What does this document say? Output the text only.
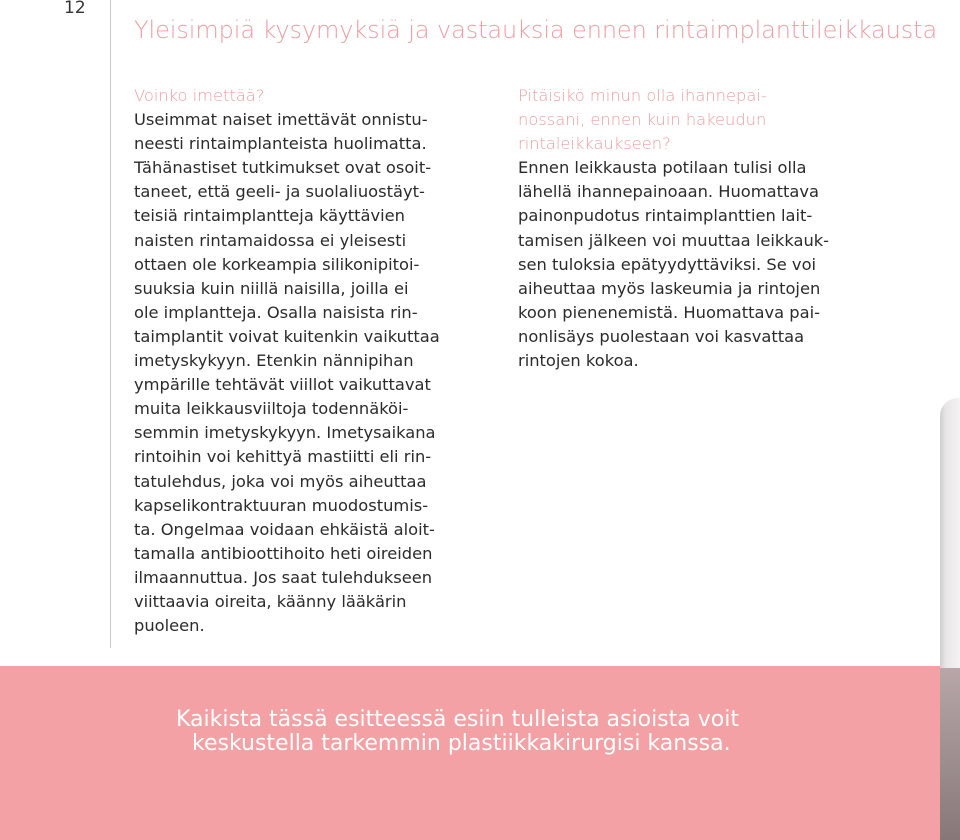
12
Yleisimpiä kysymyksiä ja vastauksia ennen rintaimplanttileikkausta
Voinko imettää?
Useimmat naiset imettävät onnistu-
neesti rintaimplanteista huolimatta.
Tähänastiset tutkimukset ovat osoit-
taneet, että geeli- ja suolaliuostäyt-
teisiä rintaimplantteja käyttävien
naisten rintamaidossa ei yleisesti
ottaen ole korkeampia silikonipitoi-
suuksia kuin niillä naisilla, joilla ei
ole implantteja. Osalla naisista rin-
taimplantit voivat kuitenkin vaikuttaa
imetyskykyyn. Etenkin nännipihan
ympärille tehtävät viillot vaikuttavat
muita leikkausviiltoja todennäköi-
semmin imetyskykyyn. Imetysaikana
rintoihin voi kehittyä mastiitti eli rin-
tatulehdus, joka voi myös aiheuttaa
kapselikontraktuuran muodostumis-
ta. Ongelmaa voidaan ehkäistä aloit-
tamalla antibioottihoito heti oireiden
ilmaannuttua. Jos saat tulehdukseen
viittaavia oireita, käänny lääkärin
puoleen.
Pitäisikö minun olla ihannepai-
nossani, ennen kuin hakeudun
rintaleikkaukseen?
Ennen leikkausta potilaan tulisi olla
lähellä ihannepainoaan. Huomattava
painonpudotus rintaimplanttien lait-
tamisen jälkeen voi muuttaa leikkauk-
sen tuloksia epätyydyttäviksi. Se voi
aiheuttaa myös laskeumia ja rintojen
koon pienenemistä. Huomattava pai-
nonlisäys puolestaan voi kasvattaa
rintojen kokoa.
Kaikista tässä esitteessä esiin tulleista asioista voit
keskustella tarkemmin plastiikkakirurgisi kanssa.
